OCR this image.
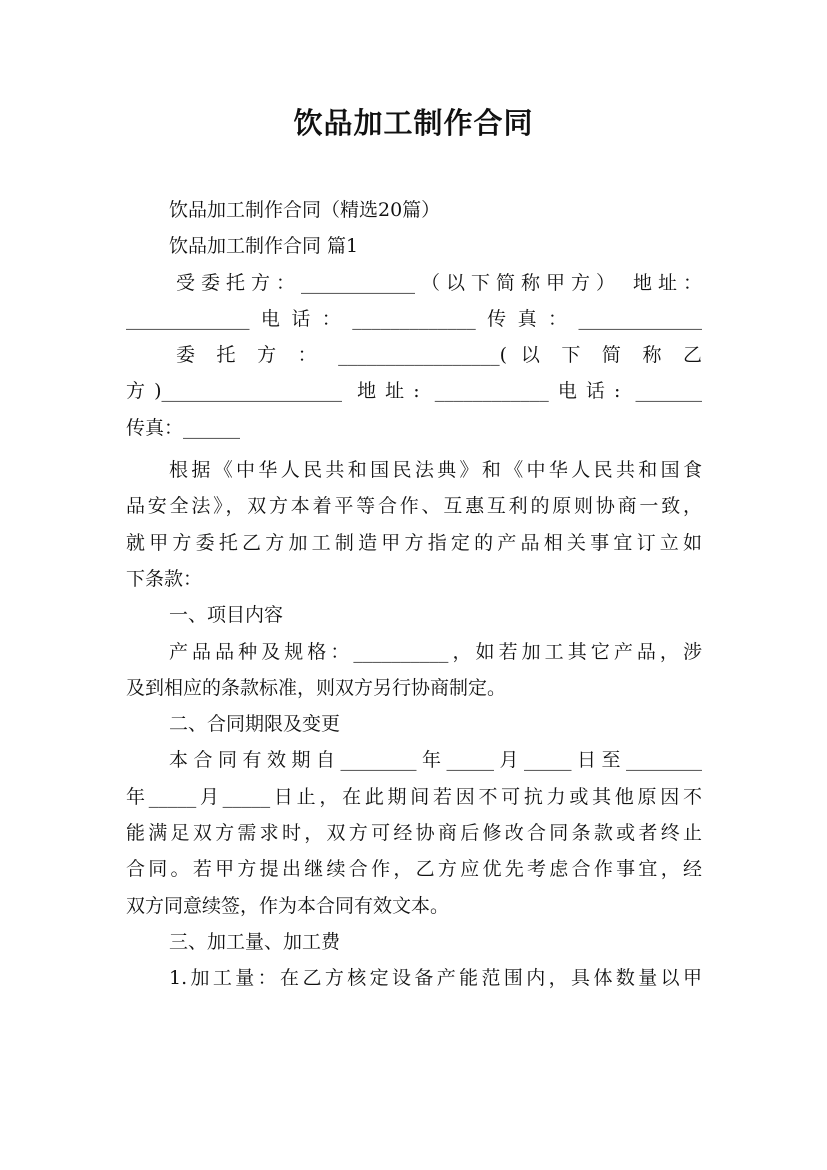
饮品加工制作合同
饮品加工制作合同（精选20篇）
饮品加工制作合同 篇1
受委托方：____________（以下简称甲方） 地址：
_____________电话：_____________传真：_____________
委 托 方 ： _________________( 以 下 简 称 乙
方)___________________ 地址: ____________电话: _______
传真：______
根据《中华人民共和国民法典》和《中华人民共和国食
品安全法》，双方本着平等合作、互惠互利的原则协商一致，
就甲方委托乙方加工制造甲方指定的产品相关事宜订立如
下条款：
一、项目内容
产品品种及规格：__________，如若加工其它产品，涉
及到相应的条款标准，则双方另行协商制定。
二、合同期限及变更
本合同有效期自________年_____月_____日至________
年_____月_____日止，在此期间若因不可抗力或其他原因不
能满足双方需求时，双方可经协商后修改合同条款或者终止
合同。若甲方提出继续合作，乙方应优先考虑合作事宜，经
双方同意续签，作为本合同有效文本。
三、加工量、加工费
1.加工量：在乙方核定设备产能范围内，具体数量以甲
